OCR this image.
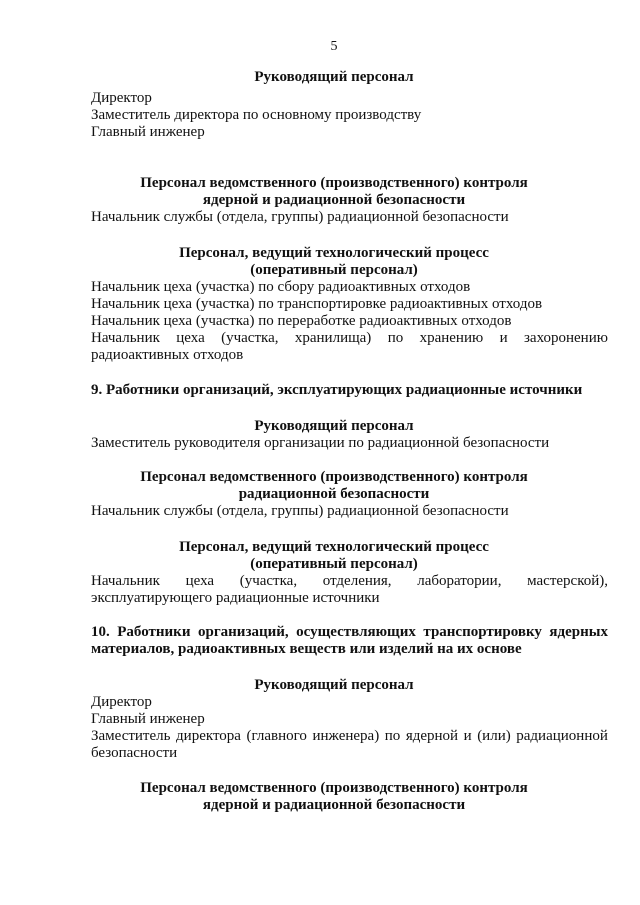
5
Руководящий персонал
Директор
Заместитель директора по основному производству
Главный инженер
Персонал ведомственного (производственного) контроля
ядерной и радиационной безопасности
Начальник службы (отдела, группы) радиационной безопасности
Персонал, ведущий технологический процесс
(оперативный персонал)
Начальник цеха (участка) по сбору радиоактивных отходов
Начальник цеха (участка) по транспортировке радиоактивных отходов
Начальник цеха (участка) по переработке радиоактивных отходов
Начальник цеха (участка, хранилища) по хранению и захоронению
радиоактивных отходов
9. Работники организаций, эксплуатирующих радиационные источники
Руководящий персонал
Заместитель руководителя организации по радиационной безопасности
Персонал ведомственного (производственного) контроля
радиационной безопасности
Начальник службы (отдела, группы) радиационной безопасности
Персонал, ведущий технологический процесс
(оперативный персонал)
Начальник цеха (участка, отделения, лаборатории, мастерской),
эксплуатирующего радиационные источники
10. Работники организаций, осуществляющих транспортировку ядерных
материалов, радиоактивных веществ или изделий на их основе
Руководящий персонал
Директор
Главный инженер
Заместитель директора (главного инженера) по ядерной и (или) радиационной
безопасности
Персонал ведомственного (производственного) контроля
ядерной и радиационной безопасности
